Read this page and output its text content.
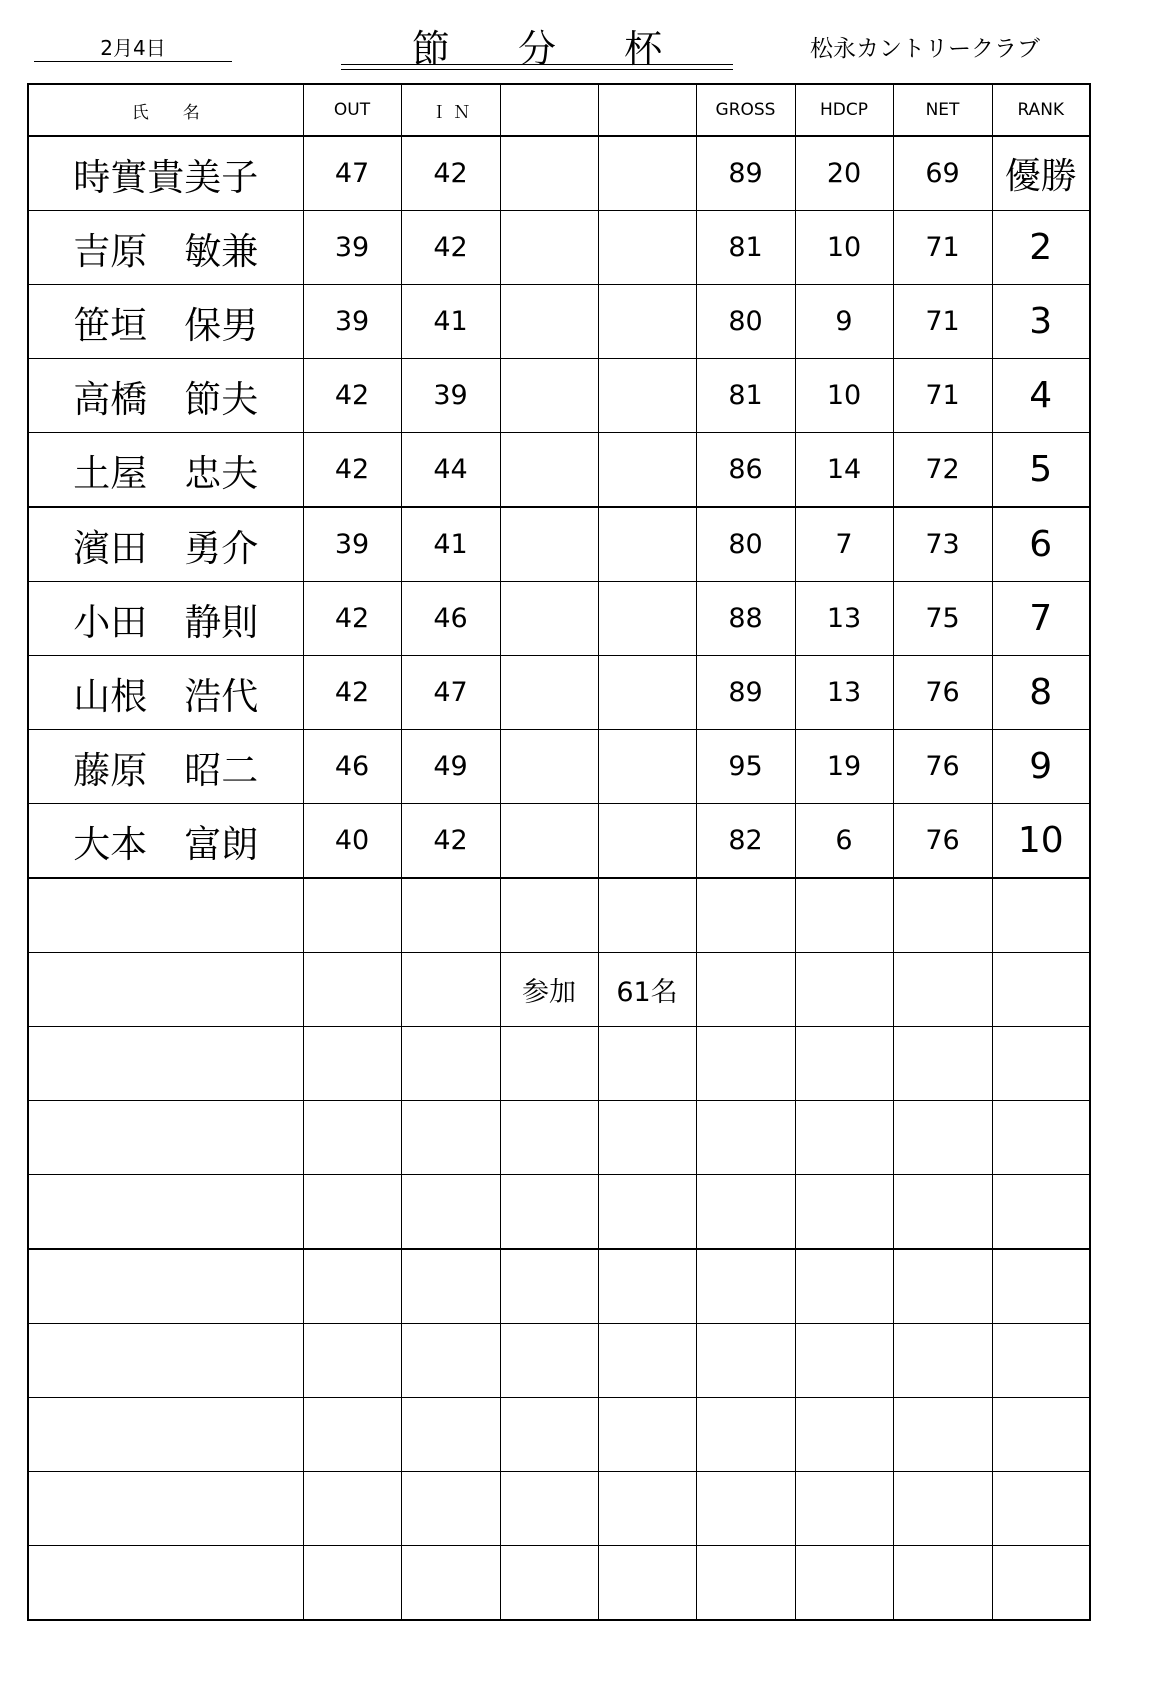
2月4日	節 分 杯	松永カントリークラブ
氏　　名	OUT	Ｉ Ｎ			GROSS	HDCP	NET	RANK
時實貴美子	47	42			89	20	69	優勝
吉原　敏兼	39	42			81	10	71	2
笹垣　保男	39	41			80	9	71	3
高橋　節夫	42	39			81	10	71	4
土屋　忠夫	42	44			86	14	72	5
濱田　勇介	39	41			80	7	73	6
小田　静則	42	46			88	13	75	7
山根　浩代	42	47			89	13	76	8
藤原　昭二	46	49			95	19	76	9
大本　富朗	40	42			82	6	76	10

			参加	61名				
